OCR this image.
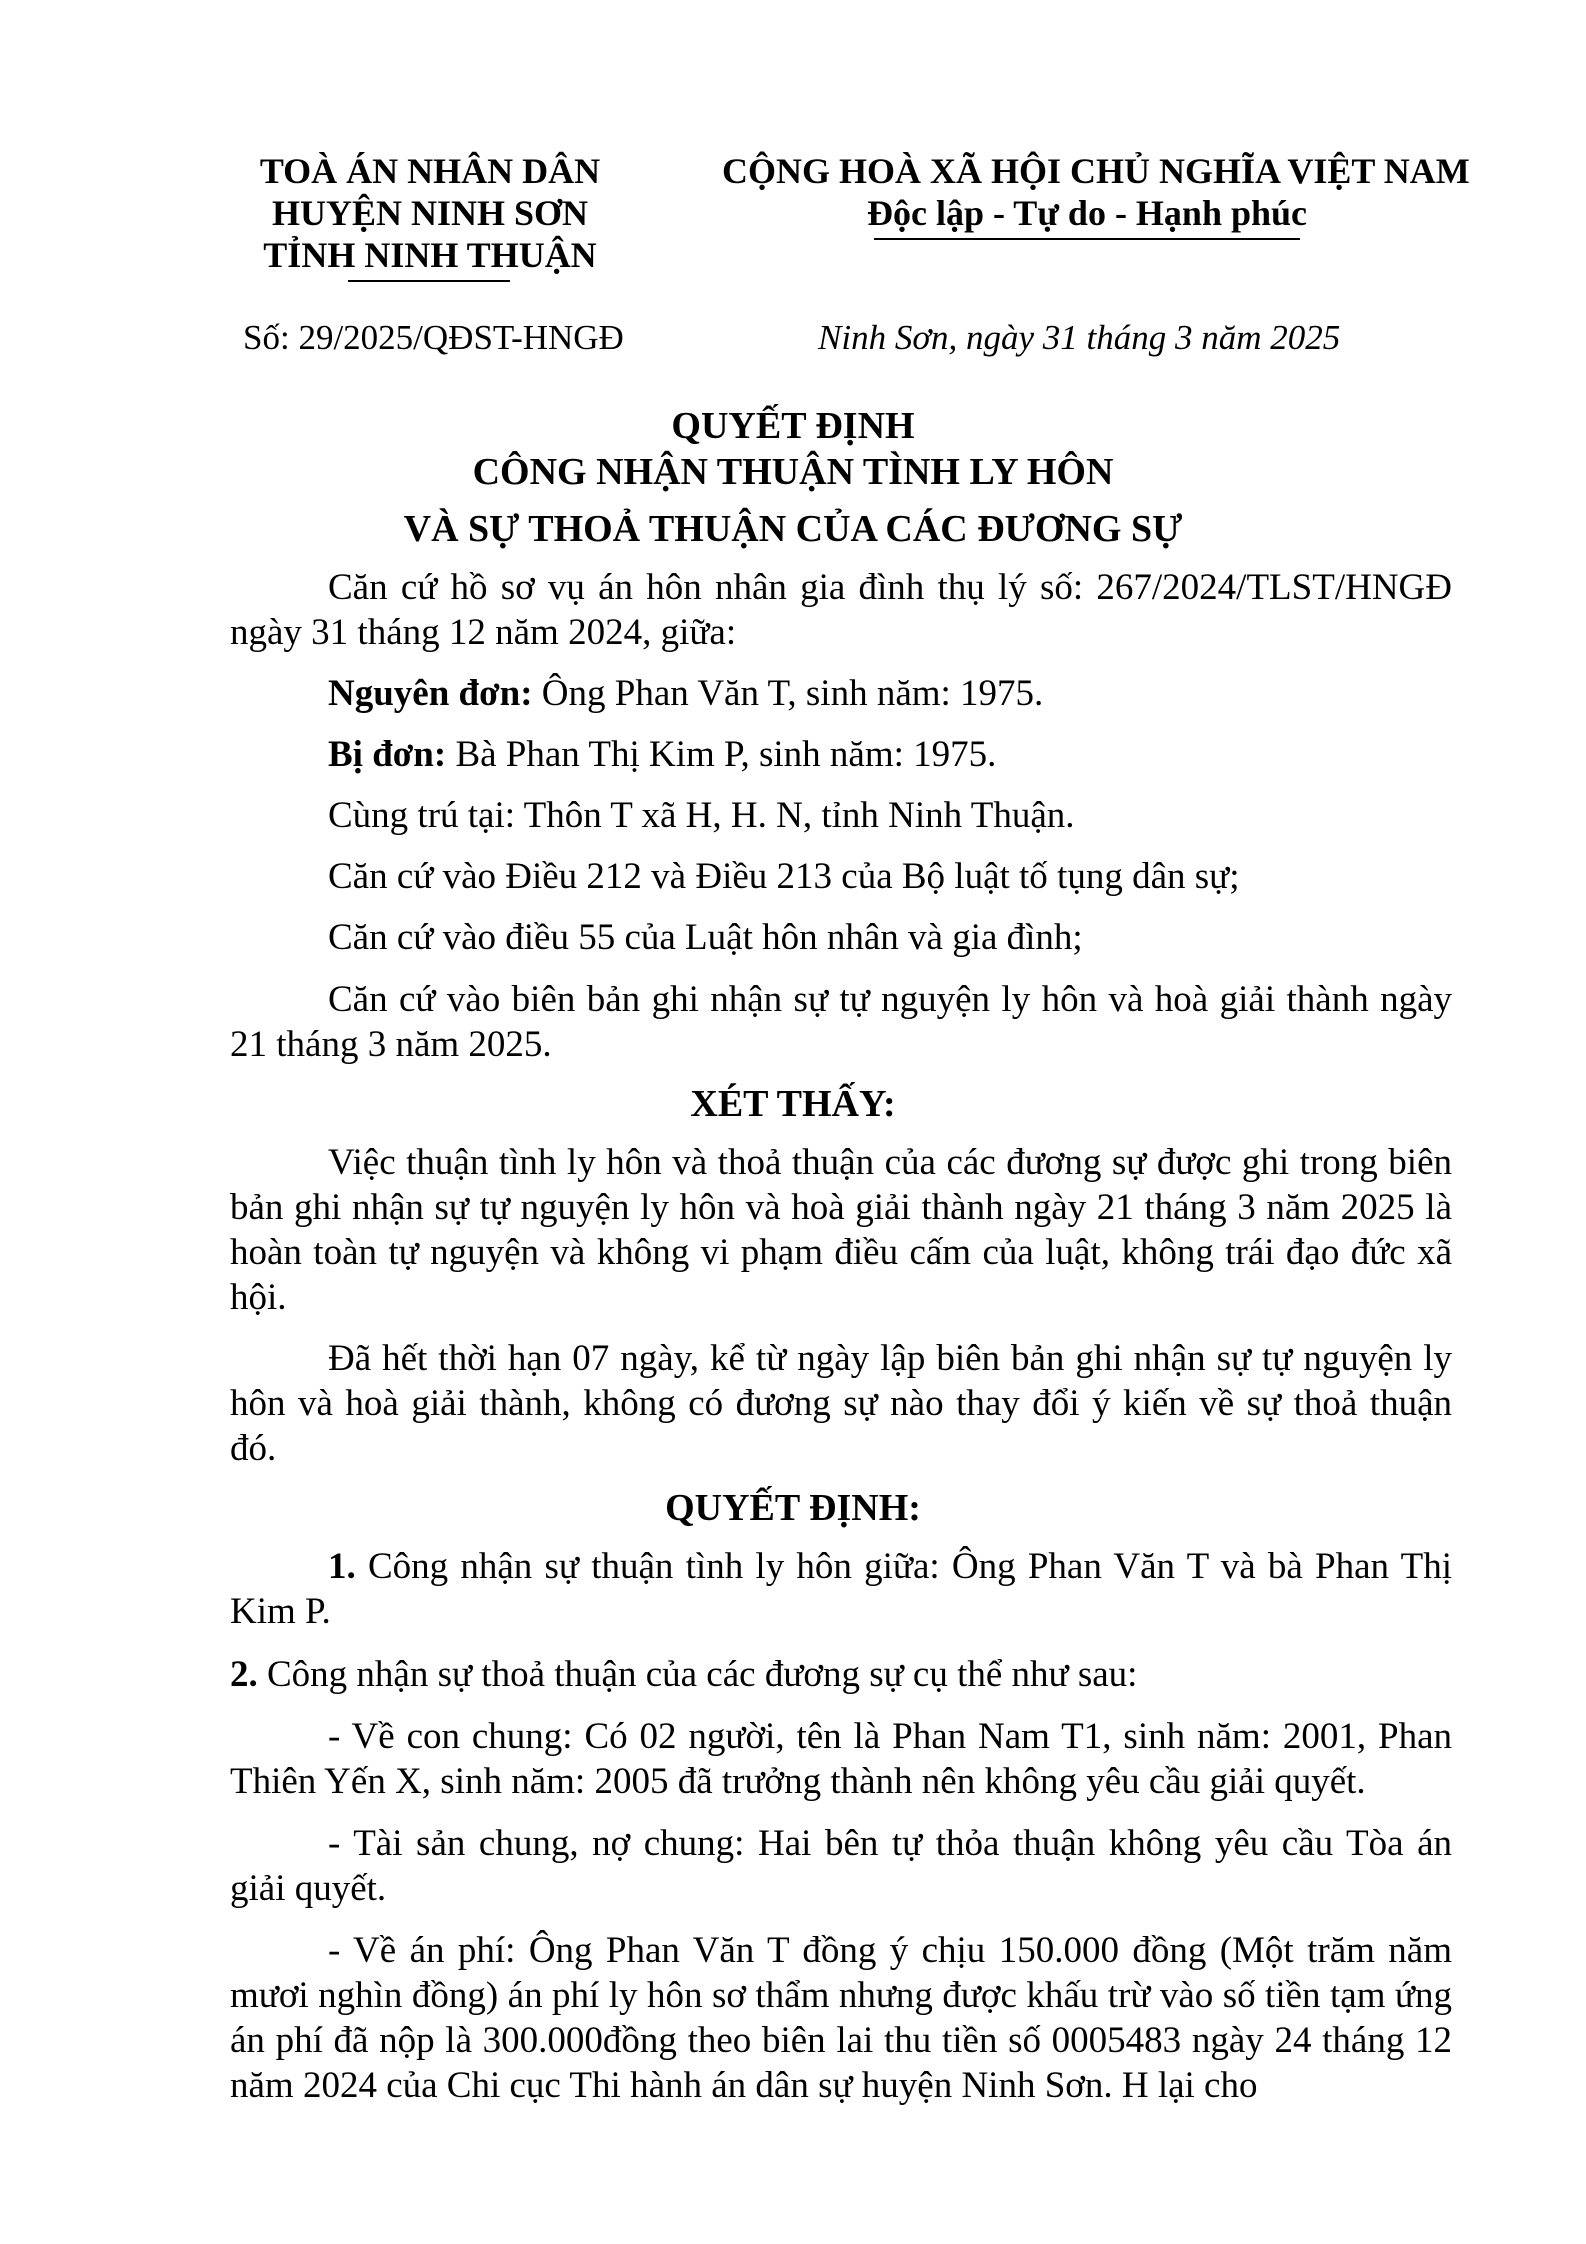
TOÀ ÁN NHÂN DÂN
HUYỆN NINH SƠN
TỈNH NINH THUẬN
CỘNG HOÀ XÃ HỘI CHỦ NGHĨA VIỆT NAM
Độc lập - Tự do - Hạnh phúc
Số: 29/2025/QĐST-HNGĐ	Ninh Sơn, ngày 31 tháng 3 năm 2025
QUYẾT ĐỊNH
CÔNG NHẬN THUẬN TÌNH LY HÔN
VÀ SỰ THOẢ THUẬN CỦA CÁC ĐƯƠNG SỰ
Căn cứ hồ sơ vụ án hôn nhân gia đình thụ lý số: 267/2024/TLST/HNGĐ ngày 31 tháng 12 năm 2024, giữa:
Nguyên đơn: Ông Phan Văn T, sinh năm: 1975.
Bị đơn: Bà Phan Thị Kim P, sinh năm: 1975.
Cùng trú tại: Thôn T xã H, H. N, tỉnh Ninh Thuận.
Căn cứ vào Điều 212 và Điều 213 của Bộ luật tố tụng dân sự;
Căn cứ vào điều 55 của Luật hôn nhân và gia đình;
Căn cứ vào biên bản ghi nhận sự tự nguyện ly hôn và hoà giải thành ngày 21 tháng 3 năm 2025.
XÉT THẤY:
Việc thuận tình ly hôn và thoả thuận của các đương sự được ghi trong biên bản ghi nhận sự tự nguyện ly hôn và hoà giải thành ngày 21 tháng 3 năm 2025 là hoàn toàn tự nguyện và không vi phạm điều cấm của luật, không trái đạo đức xã hội.
Đã hết thời hạn 07 ngày, kể từ ngày lập biên bản ghi nhận sự tự nguyện ly hôn và hoà giải thành, không có đương sự nào thay đổi ý kiến về sự thoả thuận đó.
QUYẾT ĐỊNH:
1. Công nhận sự thuận tình ly hôn giữa: Ông Phan Văn T và bà Phan Thị Kim P.
2. Công nhận sự thoả thuận của các đương sự cụ thể như sau:
- Về con chung: Có 02 người, tên là Phan Nam T1, sinh năm: 2001, Phan Thiên Yến X, sinh năm: 2005 đã trưởng thành nên không yêu cầu giải quyết.
- Tài sản chung, nợ chung: Hai bên tự thỏa thuận không yêu cầu Tòa án giải quyết.
- Về án phí: Ông Phan Văn T đồng ý chịu 150.000 đồng (Một trăm năm mươi nghìn đồng) án phí ly hôn sơ thẩm nhưng được khấu trừ vào số tiền tạm ứng án phí đã nộp là 300.000đồng theo biên lai thu tiền số 0005483 ngày 24 tháng 12 năm 2024 của Chi cục Thi hành án dân sự huyện Ninh Sơn. H lại cho
